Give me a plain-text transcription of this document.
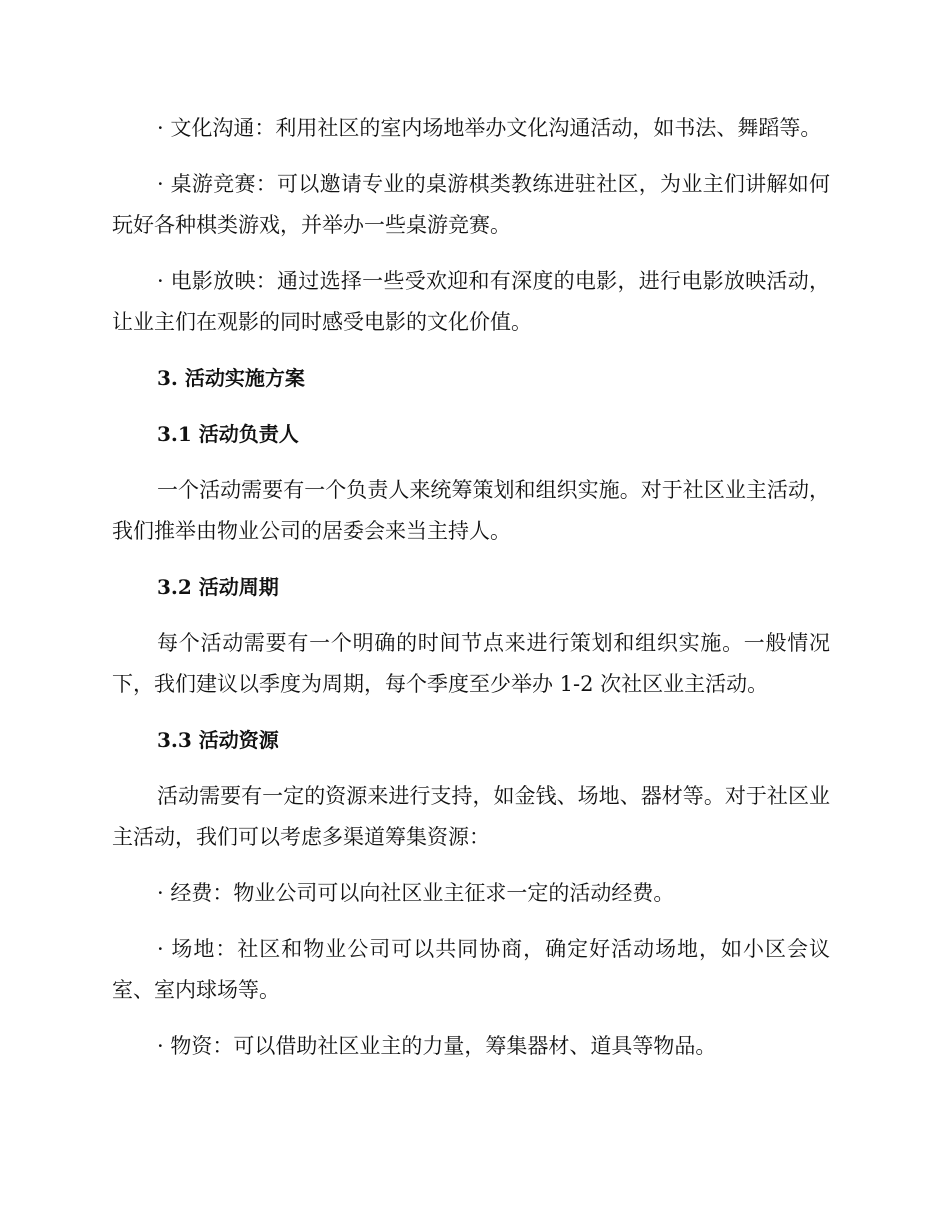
· 文化沟通：利用社区的室内场地举办文化沟通活动，如书法、舞蹈等。

· 桌游竞赛：可以邀请专业的桌游棋类教练进驻社区，为业主们讲解如何玩好各种棋类游戏，并举办一些桌游竞赛。

· 电影放映：通过选择一些受欢迎和有深度的电影，进行电影放映活动，让业主们在观影的同时感受电影的文化价值。

3. 活动实施方案
3.1 活动负责人

一个活动需要有一个负责人来统筹策划和组织实施。对于社区业主活动，我们推举由物业公司的居委会来当主持人。

3.2 活动周期

每个活动需要有一个明确的时间节点来进行策划和组织实施。一般情况下，我们建议以季度为周期，每个季度至少举办 1-2 次社区业主活动。

3.3 活动资源

活动需要有一定的资源来进行支持，如金钱、场地、器材等。对于社区业主活动，我们可以考虑多渠道筹集资源：

· 经费：物业公司可以向社区业主征求一定的活动经费。

· 场地：社区和物业公司可以共同协商，确定好活动场地，如小区会议室、室内球场等。

· 物资：可以借助社区业主的力量，筹集器材、道具等物品。
